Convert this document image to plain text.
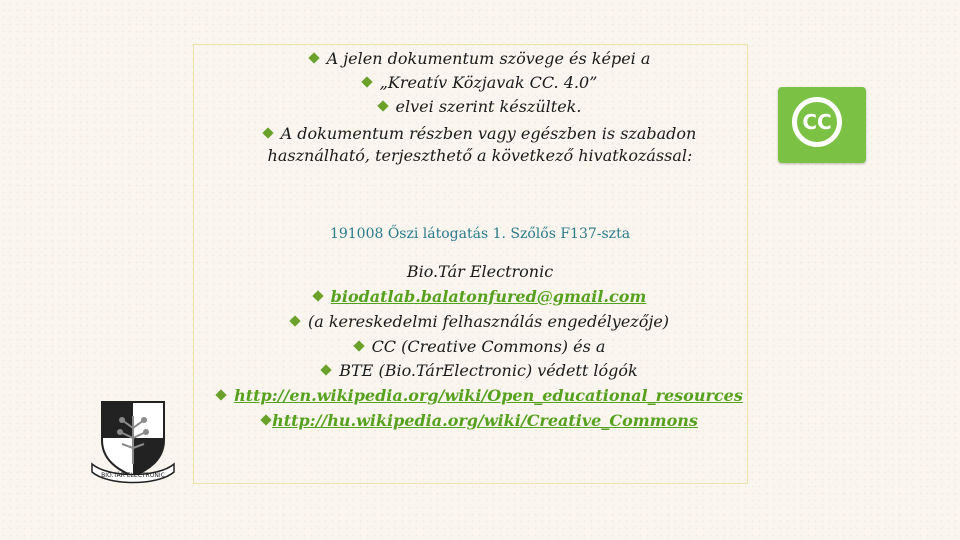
A jelen dokumentum szövege és képei a
„Kreatív Közjavak CC. 4.0”
elvei szerint készültek.
A dokumentum részben vagy egészben is szabadon
használható, terjeszthető a következő hivatkozással:
191008 Őszi látogatás 1. Szőlős F137-szta
Bio.Tár Electronic
biodatlab.balatonfured@gmail.com
(a kereskedelmi felhasználás engedélyezője)
CC (Creative Commons) és a
BTE (Bio.TárElectronic) védett lógók
http://en.wikipedia.org/wiki/Open_educational_resources
http://hu.wikipedia.org/wiki/Creative_Commons
CC
BIO.TÁR ELECTRONIC
